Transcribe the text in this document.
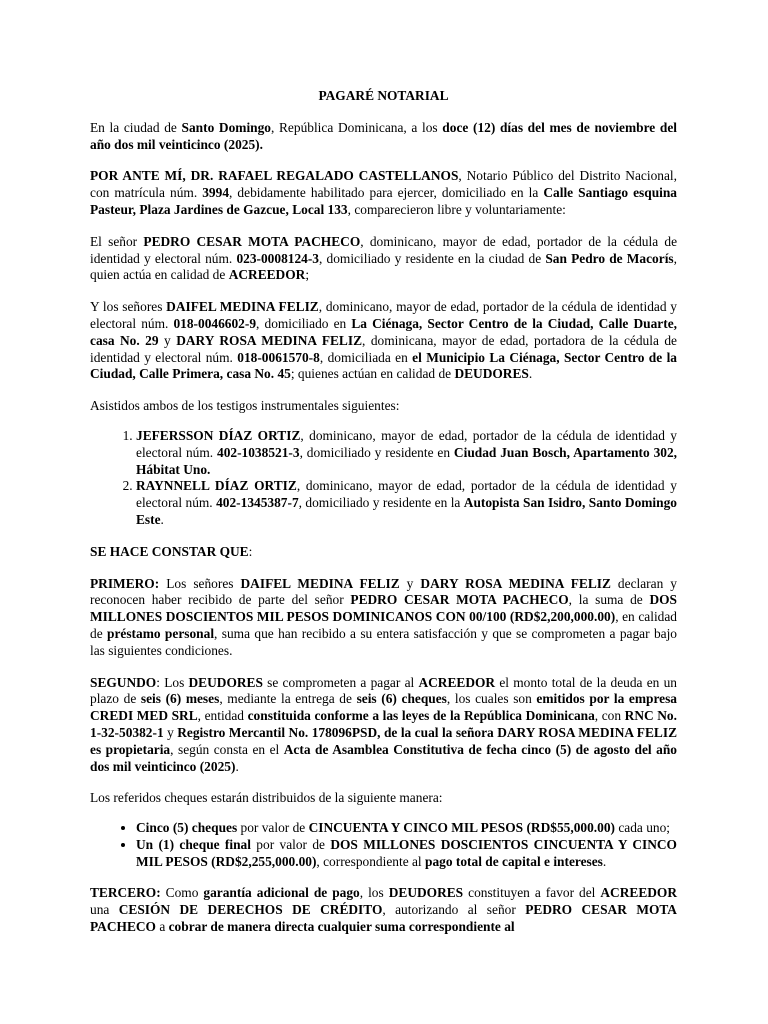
PAGARÉ NOTARIAL

En la ciudad de Santo Domingo, República Dominicana, a los doce (12) días del mes de noviembre del año dos mil veinticinco (2025).

POR ANTE MÍ, DR. RAFAEL REGALADO CASTELLANOS, Notario Público del Distrito Nacional, con matrícula núm. 3994, debidamente habilitado para ejercer, domiciliado en la Calle Santiago esquina Pasteur, Plaza Jardines de Gazcue, Local 133, comparecieron libre y voluntariamente:

El señor PEDRO CESAR MOTA PACHECO, dominicano, mayor de edad, portador de la cédula de identidad y electoral núm. 023-0008124-3, domiciliado y residente en la ciudad de San Pedro de Macorís, quien actúa en calidad de ACREEDOR;

Y los señores DAIFEL MEDINA FELIZ, dominicano, mayor de edad, portador de la cédula de identidad y electoral núm. 018-0046602-9, domiciliado en La Ciénaga, Sector Centro de la Ciudad, Calle Duarte, casa No. 29 y DARY ROSA MEDINA FELIZ, dominicana, mayor de edad, portadora de la cédula de identidad y electoral núm. 018-0061570-8, domiciliada en el Municipio La Ciénaga, Sector Centro de la Ciudad, Calle Primera, casa No. 45; quienes actúan en calidad de DEUDORES.

Asistidos ambos de los testigos instrumentales siguientes:

1. JEFERSSON DÍAZ ORTIZ, dominicano, mayor de edad, portador de la cédula de identidad y electoral núm. 402-1038521-3, domiciliado y residente en Ciudad Juan Bosch, Apartamento 302, Hábitat Uno.
2. RAYNNELL DÍAZ ORTIZ, dominicano, mayor de edad, portador de la cédula de identidad y electoral núm. 402-1345387-7, domiciliado y residente en la Autopista San Isidro, Santo Domingo Este.

SE HACE CONSTAR QUE:

PRIMERO: Los señores DAIFEL MEDINA FELIZ y DARY ROSA MEDINA FELIZ declaran y reconocen haber recibido de parte del señor PEDRO CESAR MOTA PACHECO, la suma de DOS MILLONES DOSCIENTOS MIL PESOS DOMINICANOS CON 00/100 (RD$2,200,000.00), en calidad de préstamo personal, suma que han recibido a su entera satisfacción y que se comprometen a pagar bajo las siguientes condiciones.

SEGUNDO: Los DEUDORES se comprometen a pagar al ACREEDOR el monto total de la deuda en un plazo de seis (6) meses, mediante la entrega de seis (6) cheques, los cuales son emitidos por la empresa CREDI MED SRL, entidad constituida conforme a las leyes de la República Dominicana, con RNC No. 1-32-50382-1 y Registro Mercantil No. 178096PSD, de la cual la señora DARY ROSA MEDINA FELIZ es propietaria, según consta en el Acta de Asamblea Constitutiva de fecha cinco (5) de agosto del año dos mil veinticinco (2025).

Los referidos cheques estarán distribuidos de la siguiente manera:

• Cinco (5) cheques por valor de CINCUENTA Y CINCO MIL PESOS (RD$55,000.00) cada uno;
• Un (1) cheque final por valor de DOS MILLONES DOSCIENTOS CINCUENTA Y CINCO MIL PESOS (RD$2,255,000.00), correspondiente al pago total de capital e intereses.

TERCERO: Como garantía adicional de pago, los DEUDORES constituyen a favor del ACREEDOR una CESIÓN DE DERECHOS DE CRÉDITO, autorizando al señor PEDRO CESAR MOTA PACHECO a cobrar de manera directa cualquier suma correspondiente al
